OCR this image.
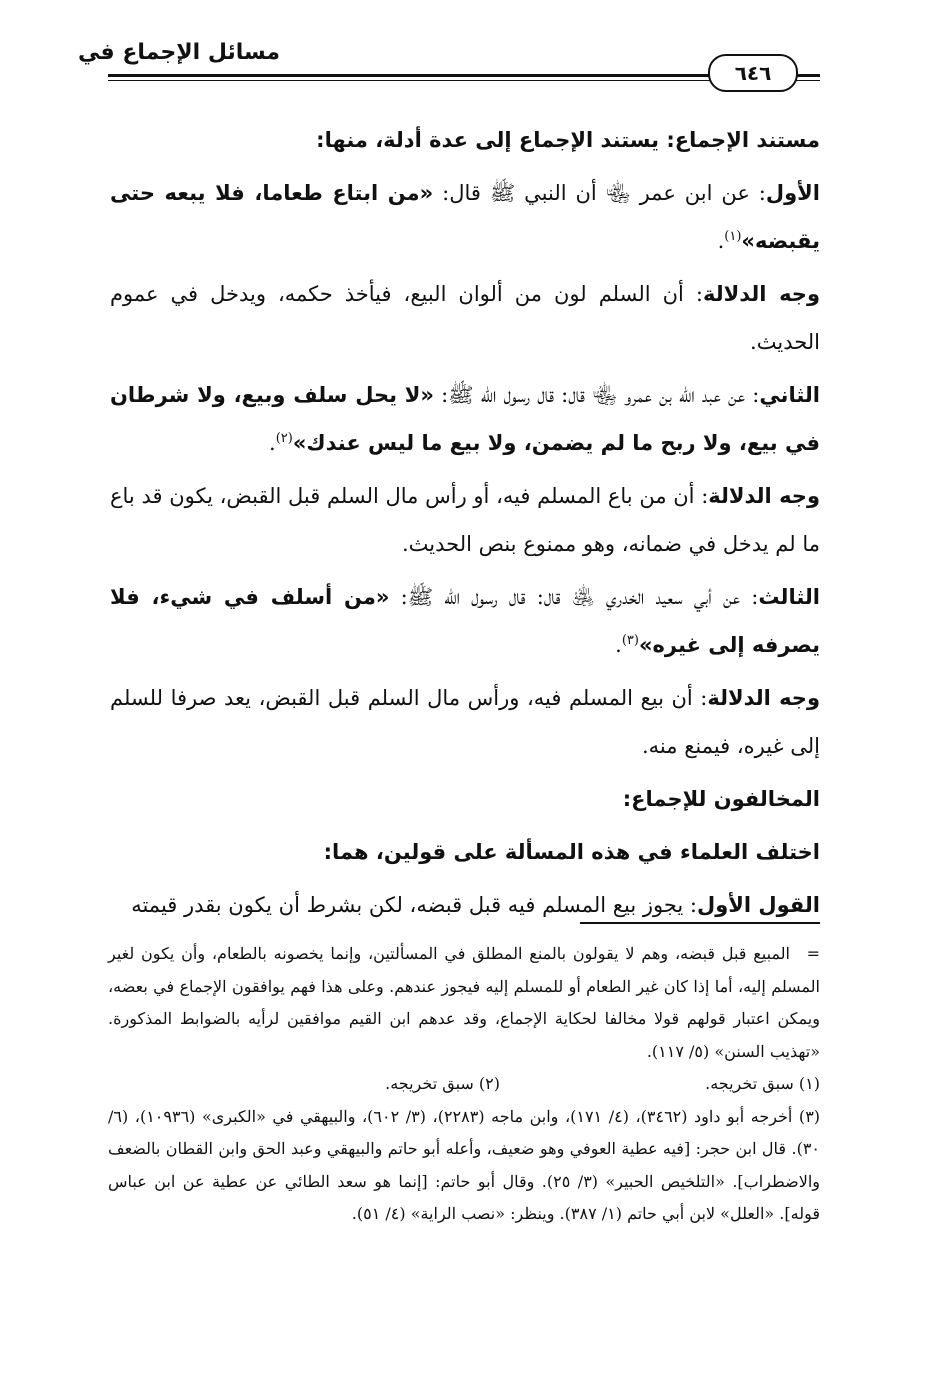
مسائل الإجماع في
٦٤٦

مستند الإجماع: يستند الإجماع إلى عدة أدلة، منها:

الأول: عن ابن عمر ﵄ أن النبي ﷺ قال: «من ابتاع طعاما، فلا يبعه حتى يقبضه»$^{(١)}$.

وجه الدلالة: أن السلم لون من ألوان البيع، فيأخذ حكمه، ويدخل في عموم الحديث.

الثاني: عن عبد الله بن عمرو ﵄ قال: قال رسول الله ﷺ: «لا يحل سلف وبيع، ولا شرطان في بيع، ولا ربح ما لم يضمن، ولا بيع ما ليس عندك»$^{(٢)}$.

وجه الدلالة: أن من باع المسلم فيه، أو رأس مال السلم قبل القبض، يكون قد باع ما لم يدخل في ضمانه، وهو ممنوع بنص الحديث.

الثالث: عن أبي سعيد الخدري ﵁ قال: قال رسول الله ﷺ: «من أسلف في شيء، فلا يصرفه إلى غيره»$^{(٣)}$.

وجه الدلالة: أن بيع المسلم فيه، ورأس مال السلم قبل القبض، يعد صرفا للسلم إلى غيره، فيمنع منه.

المخالفون للإجماع:

اختلف العلماء في هذه المسألة على قولين، هما:

القول الأول: يجوز بيع المسلم فيه قبل قبضه، لكن بشرط أن يكون بقدر قيمته

=المبيع قبل قبضه، وهم لا يقولون بالمنع المطلق في المسألتين، وإنما يخصونه بالطعام، وأن يكون لغير المسلم إليه، أما إذا كان غير الطعام أو للمسلم إليه فيجوز عندهم. وعلى هذا فهم يوافقون الإجماع في بعضه، ويمكن اعتبار قولهم قولا مخالفا لحكاية الإجماع، وقد عدهم ابن القيم موافقين لرأيه بالضوابط المذكورة. «تهذيب السنن» (٥/ ١١٧).

(١) سبق تخريجه.
(٢) سبق تخريجه.

(٣) أخرجه أبو داود (٣٤٦٢)، (٤/ ١٧١)، وابن ماجه (٢٢٨٣)، (٣/ ٦٠٢)، والبيهقي في «الكبرى» (١٠٩٣٦)، (٦/ ٣٠). قال ابن حجر: [فيه عطية العوفي وهو ضعيف، وأعله أبو حاتم والبيهقي وعبد الحق وابن القطان بالضعف والاضطراب]. «التلخيص الحبير» (٣/ ٢٥). وقال أبو حاتم: [إنما هو سعد الطائي عن عطية عن ابن عباس قوله]. «العلل» لابن أبي حاتم (١/ ٣٨٧). وينظر: «نصب الراية» (٤/ ٥١).
